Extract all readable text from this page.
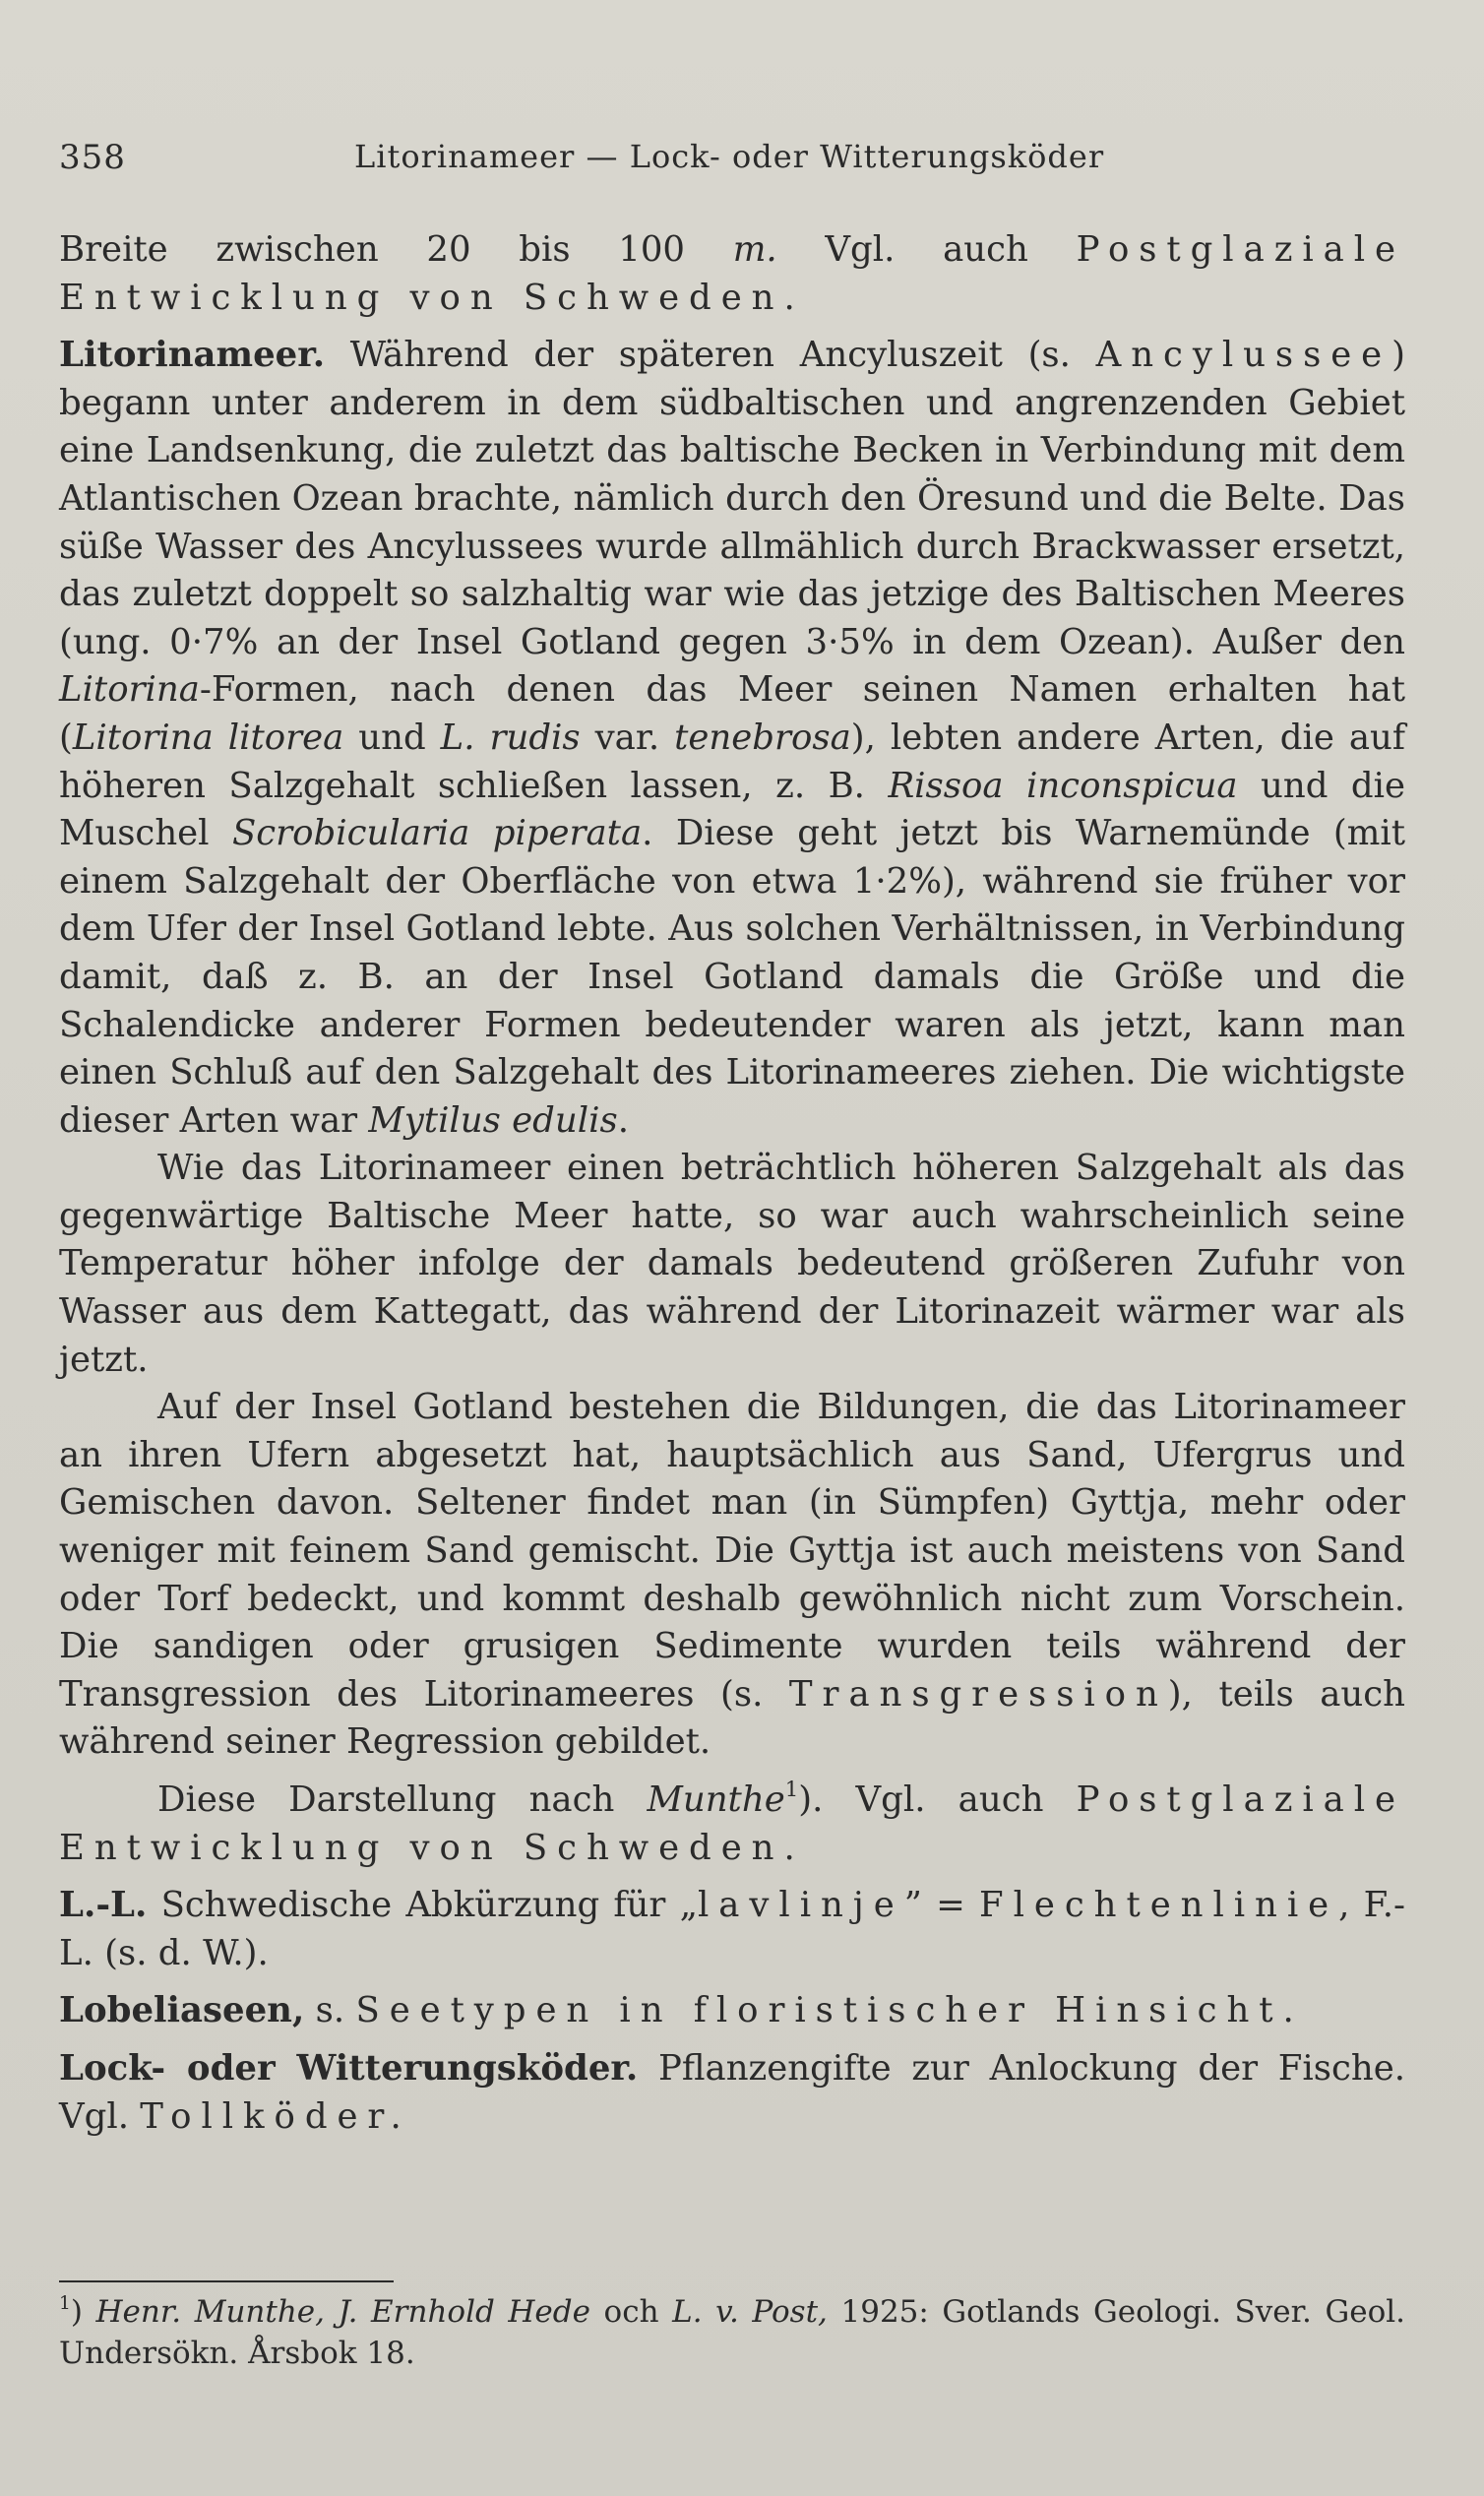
358	Litorinameer — Lock- oder Witterungsköder

Breite zwischen 20 bis 100 m. Vgl. auch Postglaziale Entwicklung von Schweden.

Litorinameer. Während der späteren Ancyluszeit (s. Ancylussee) begann unter anderem in dem südbaltischen und angrenzenden Gebiet eine Landsenkung, die zuletzt das baltische Becken in Verbindung mit dem Atlantischen Ozean brachte, nämlich durch den Öresund und die Belte. Das süße Wasser des Ancylussees wurde allmählich durch Brackwasser ersetzt, das zuletzt doppelt so salzhaltig war wie das jetzige des Baltischen Meeres (ung. 0·7% an der Insel Gotland gegen 3·5% in dem Ozean). Außer den Litorina-Formen, nach denen das Meer seinen Namen erhalten hat (Litorina litorea und L. rudis var. tenebrosa), lebten andere Arten, die auf höheren Salzgehalt schließen lassen, z. B. Rissoa inconspicua und die Muschel Scrobicularia piperata. Diese geht jetzt bis Warnemünde (mit einem Salzgehalt der Oberfläche von etwa 1·2%), während sie früher vor dem Ufer der Insel Gotland lebte. Aus solchen Verhältnissen, in Verbindung damit, daß z. B. an der Insel Gotland damals die Größe und die Schalendicke anderer Formen bedeutender waren als jetzt, kann man einen Schluß auf den Salzgehalt des Litorinameeres ziehen. Die wichtigste dieser Arten war Mytilus edulis.

Wie das Litorinameer einen beträchtlich höheren Salzgehalt als das gegenwärtige Baltische Meer hatte, so war auch wahrscheinlich seine Temperatur höher infolge der damals bedeutend größeren Zufuhr von Wasser aus dem Kattegatt, das während der Litorinazeit wärmer war als jetzt.

Auf der Insel Gotland bestehen die Bildungen, die das Litorinameer an ihren Ufern abgesetzt hat, hauptsächlich aus Sand, Ufergrus und Gemischen davon. Seltener findet man (in Sümpfen) Gyttja, mehr oder weniger mit feinem Sand gemischt. Die Gyttja ist auch meistens von Sand oder Torf bedeckt, und kommt deshalb gewöhnlich nicht zum Vorschein. Die sandigen oder grusigen Sedimente wurden teils während der Transgression des Litorinameeres (s. Transgression), teils auch während seiner Regression gebildet.

Diese Darstellung nach Munthe$^1$). Vgl. auch Postglaziale Entwicklung von Schweden.

L.-L. Schwedische Abkürzung für „lavlinje” = Flechtenlinie, F.-L. (s. d. W.).

Lobeliaseen, s. Seetypen in floristischer Hinsicht.

Lock- oder Witterungsköder. Pflanzengifte zur Anlockung der Fische. Vgl. Tollköder.

$^1$) Henr. Munthe, J. Ernhold Hede och L. v. Post, 1925: Gotlands Geologi. Sver. Geol. Undersökn. Årsbok 18.
